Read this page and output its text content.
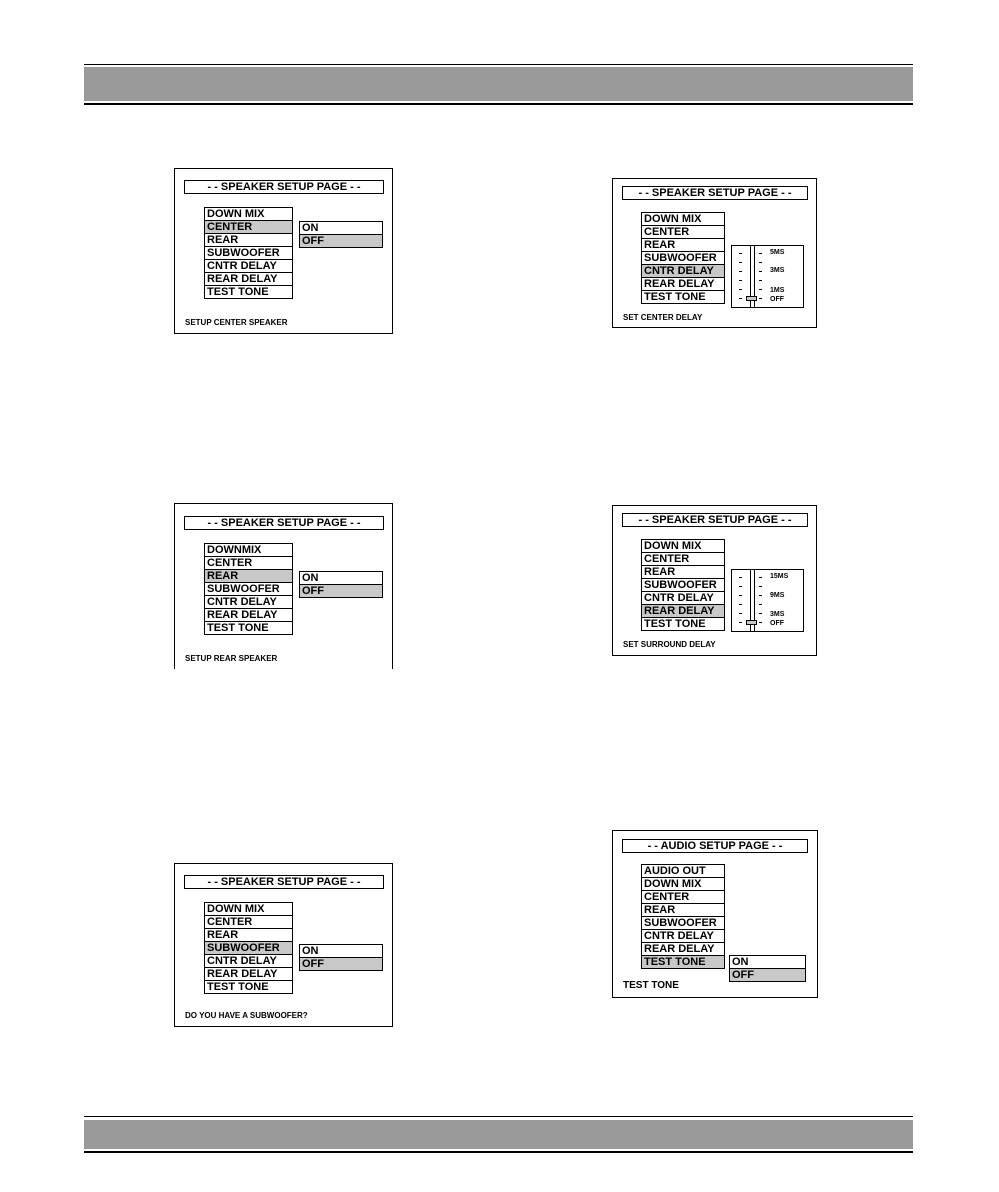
- - SPEAKER SETUP PAGE - -
DOWN MIX
CENTER
REAR
SUBWOOFER
CNTR DELAY
REAR DELAY
TEST TONE
ON
OFF
SETUP CENTER SPEAKER
- - SPEAKER SETUP PAGE - -
DOWN MIX
CENTER
REAR
SUBWOOFER
CNTR DELAY
REAR DELAY
TEST TONE
5MS
3MS
1MS
OFF
SET CENTER DELAY
- - SPEAKER SETUP PAGE - -
DOWNMIX
CENTER
REAR
SUBWOOFER
CNTR DELAY
REAR DELAY
TEST TONE
ON
OFF
SETUP REAR SPEAKER
- - SPEAKER SETUP PAGE - -
DOWN MIX
CENTER
REAR
SUBWOOFER
CNTR DELAY
REAR DELAY
TEST TONE
15MS
9MS
3MS
OFF
SET SURROUND DELAY
- - SPEAKER SETUP PAGE - -
DOWN MIX
CENTER
REAR
SUBWOOFER
CNTR DELAY
REAR DELAY
TEST TONE
ON
OFF
DO YOU HAVE A SUBWOOFER?
- - AUDIO SETUP PAGE - -
AUDIO OUT
DOWN MIX
CENTER
REAR
SUBWOOFER
CNTR DELAY
REAR DELAY
TEST TONE	ON
OFF
TEST TONE
